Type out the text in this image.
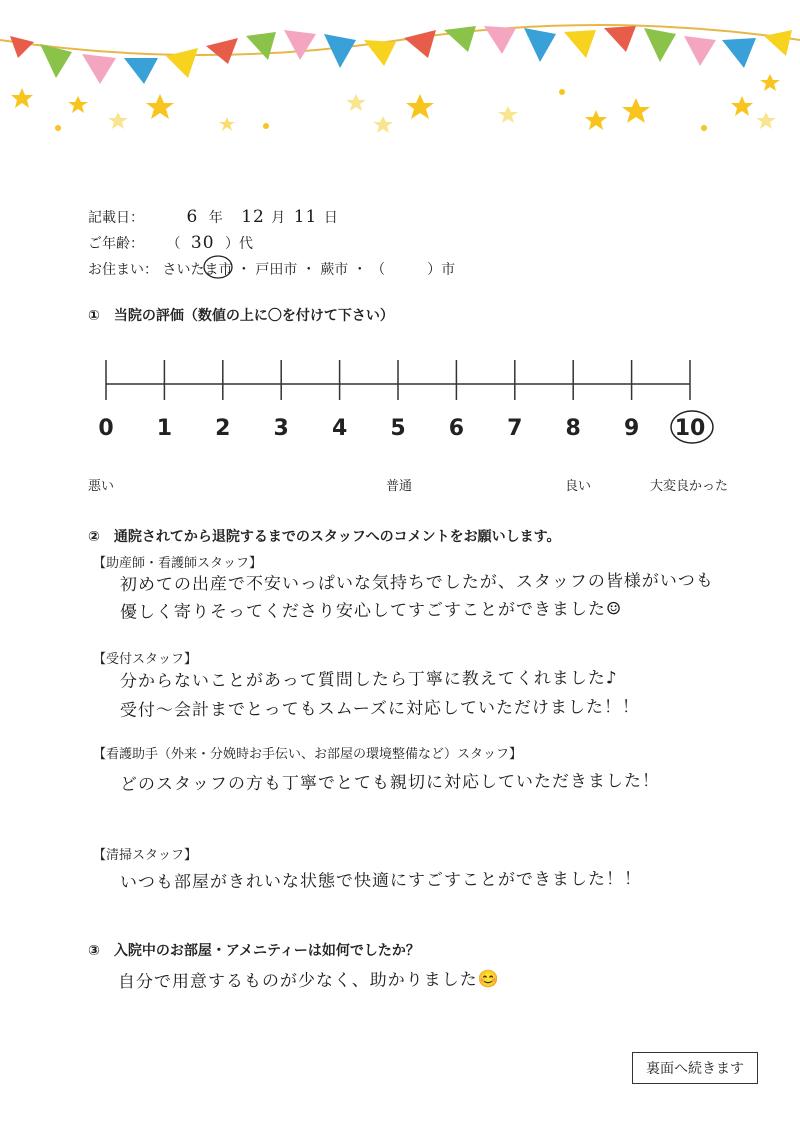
記載日： 6 年 12 月 11 日
ご年齢： （ 30 ）代
お住まい： さいたま市 ・ 戸田市 ・ 蕨市 ・ （　　　）市
①　当院の評価（数値の上に〇を付けて下さい）
0 1 2 3 4 5 6 7 8 9 10
悪い	普通	良い	大変良かった
②　通院されてから退院するまでのスタッフへのコメントをお願いします。
【助産師・看護師スタッフ】
初めての出産で不安いっぱいな気持ちでしたが、スタッフの皆様がいつも
優しく寄りそってくださり安心してすごすことができました☺
【受付スタッフ】
分からないことがあって質問したら丁寧に教えてくれました♪
受付〜会計までとってもスムーズに対応していただけました！！
【看護助手（外来・分娩時お手伝い、お部屋の環境整備など）スタッフ】
どのスタッフの方も丁寧でとても親切に対応していただきました！
【清掃スタッフ】
いつも部屋がきれいな状態で快適にすごすことができました！！
③　入院中のお部屋・アメニティーは如何でしたか？
自分で用意するものが少なく、助かりました😊
裏面へ続きます
